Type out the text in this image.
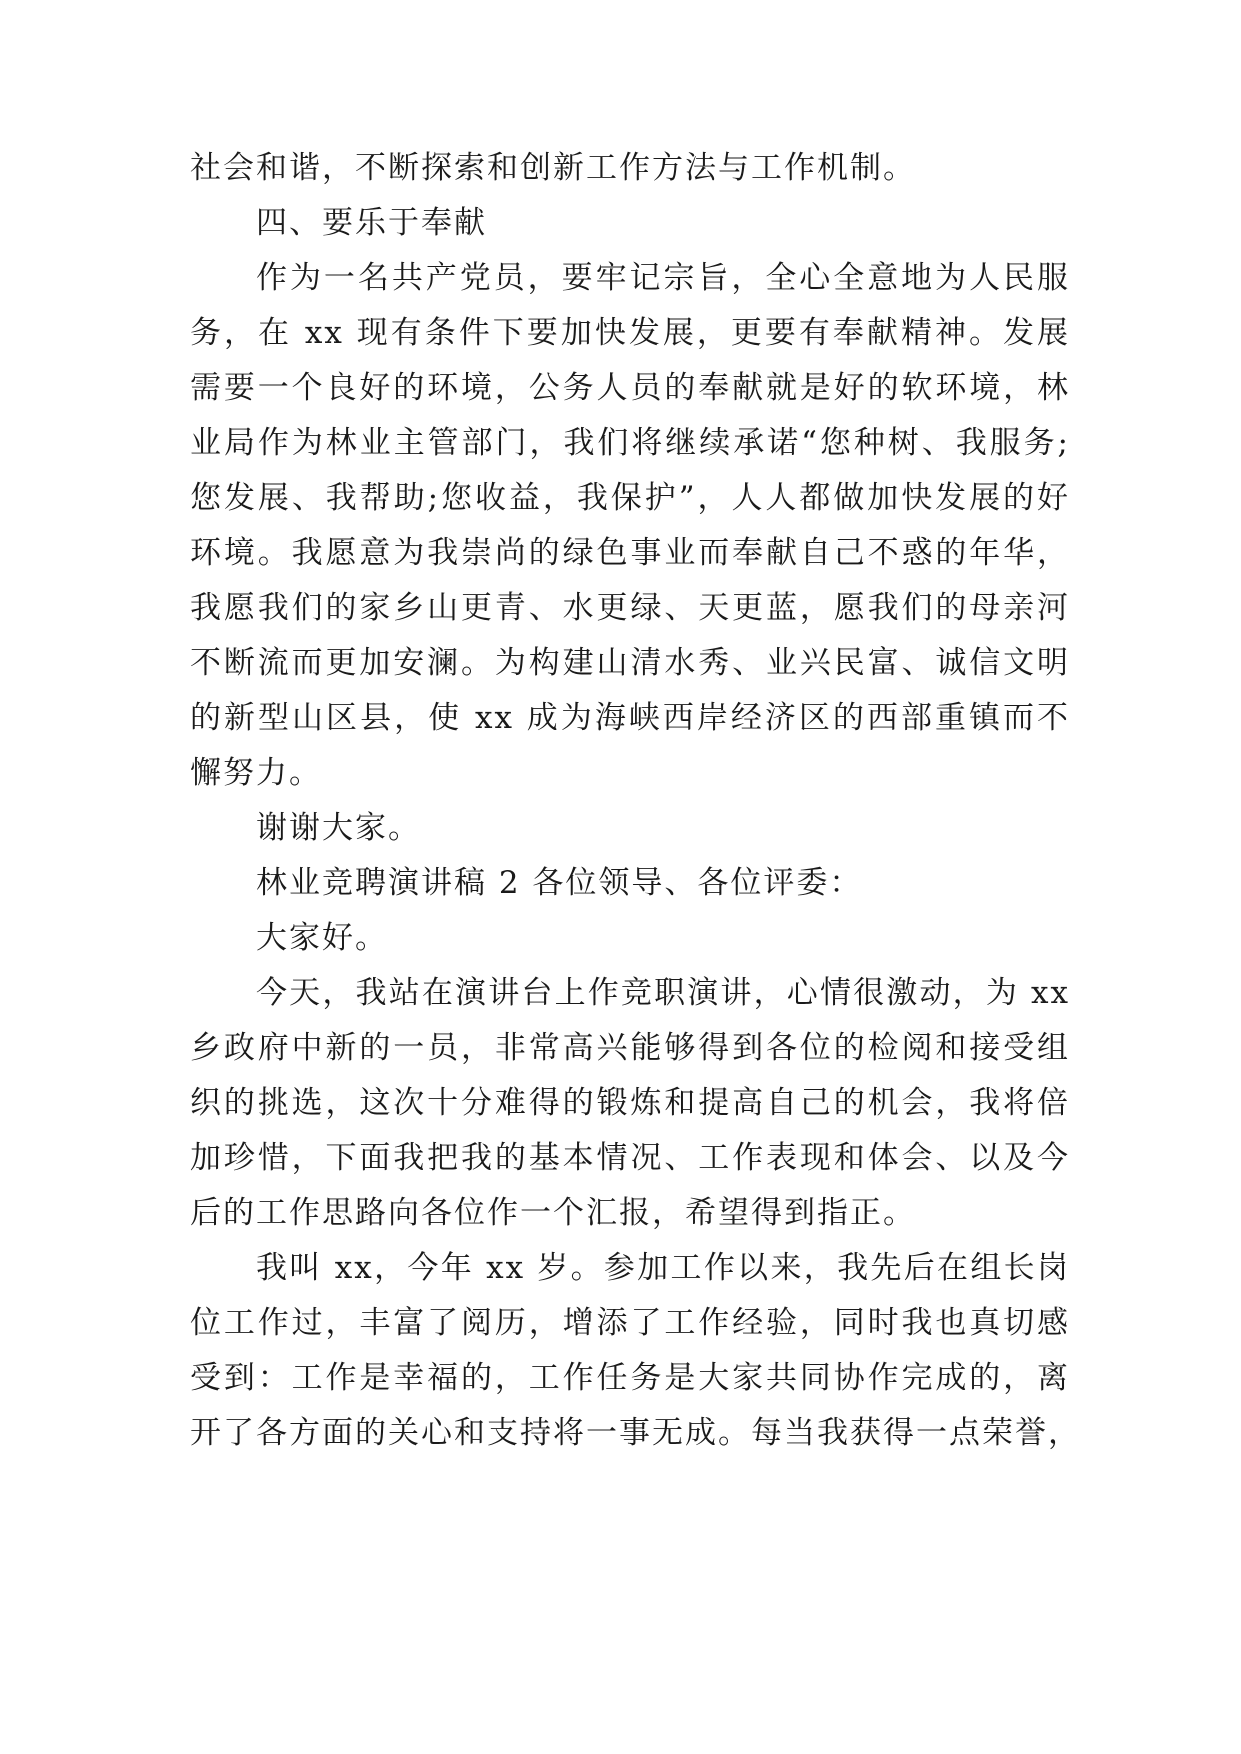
社会和谐，不断探索和创新工作方法与工作机制。
四、要乐于奉献
作为一名共产党员，要牢记宗旨，全心全意地为人民服
务，在 xx 现有条件下要加快发展，更要有奉献精神。发展
需要一个良好的环境，公务人员的奉献就是好的软环境，林
业局作为林业主管部门，我们将继续承诺“您种树、我服务;
您发展、我帮助;您收益，我保护”，人人都做加快发展的好
环境。我愿意为我崇尚的绿色事业而奉献自己不惑的年华，
我愿我们的家乡山更青、水更绿、天更蓝，愿我们的母亲河
不断流而更加安澜。为构建山清水秀、业兴民富、诚信文明
的新型山区县，使 xx 成为海峡西岸经济区的西部重镇而不
懈努力。
谢谢大家。
林业竞聘演讲稿 2 各位领导、各位评委：
大家好。
今天，我站在演讲台上作竞职演讲，心情很激动，为 xx
乡政府中新的一员，非常高兴能够得到各位的检阅和接受组
织的挑选，这次十分难得的锻炼和提高自己的机会，我将倍
加珍惜，下面我把我的基本情况、工作表现和体会、以及今
后的工作思路向各位作一个汇报，希望得到指正。
我叫 xx，今年 xx 岁。参加工作以来，我先后在组长岗
位工作过，丰富了阅历，增添了工作经验，同时我也真切感
受到：工作是幸福的，工作任务是大家共同协作完成的，离
开了各方面的关心和支持将一事无成。每当我获得一点荣誉，
